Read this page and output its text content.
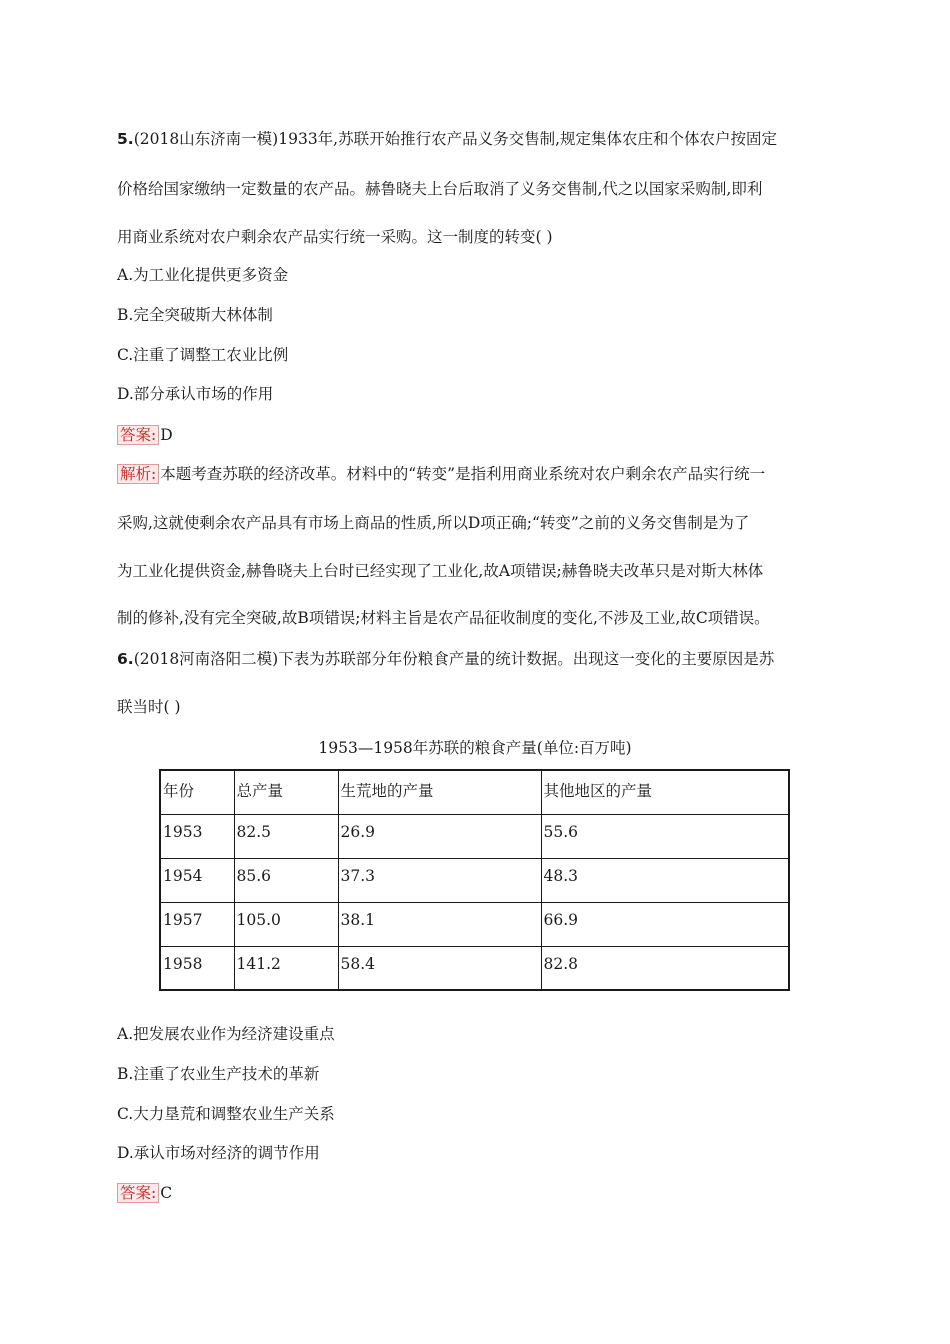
5.(2018山东济南一模)1933年,苏联开始推行农产品义务交售制,规定集体农庄和个体农户按固定
价格给国家缴纳一定数量的农产品。赫鲁晓夫上台后取消了义务交售制,代之以国家采购制,即利
用商业系统对农户剩余农产品实行统一采购。这一制度的转变( )
A.为工业化提供更多资金
B.完全突破斯大林体制
C.注重了调整工农业比例
D.部分承认市场的作用
答案: D
解析: 本题考查苏联的经济改革。材料中的“转变”是指利用商业系统对农户剩余农产品实行统一
采购,这就使剩余农产品具有市场上商品的性质,所以D项正确;“转变”之前的义务交售制是为了
为工业化提供资金,赫鲁晓夫上台时已经实现了工业化,故A项错误;赫鲁晓夫改革只是对斯大林体
制的修补,没有完全突破,故B项错误;材料主旨是农产品征收制度的变化,不涉及工业,故C项错误。
6.(2018河南洛阳二模)下表为苏联部分年份粮食产量的统计数据。出现这一变化的主要原因是苏
联当时( )
1953—1958年苏联的粮食产量(单位:百万吨)
年份	总产量	生荒地的产量	其他地区的产量
1953	82.5	26.9	55.6
1954	85.6	37.3	48.3
1957	105.0	38.1	66.9
1958	141.2	58.4	82.8
A.把发展农业作为经济建设重点
B.注重了农业生产技术的革新
C.大力垦荒和调整农业生产关系
D.承认市场对经济的调节作用
答案: C
